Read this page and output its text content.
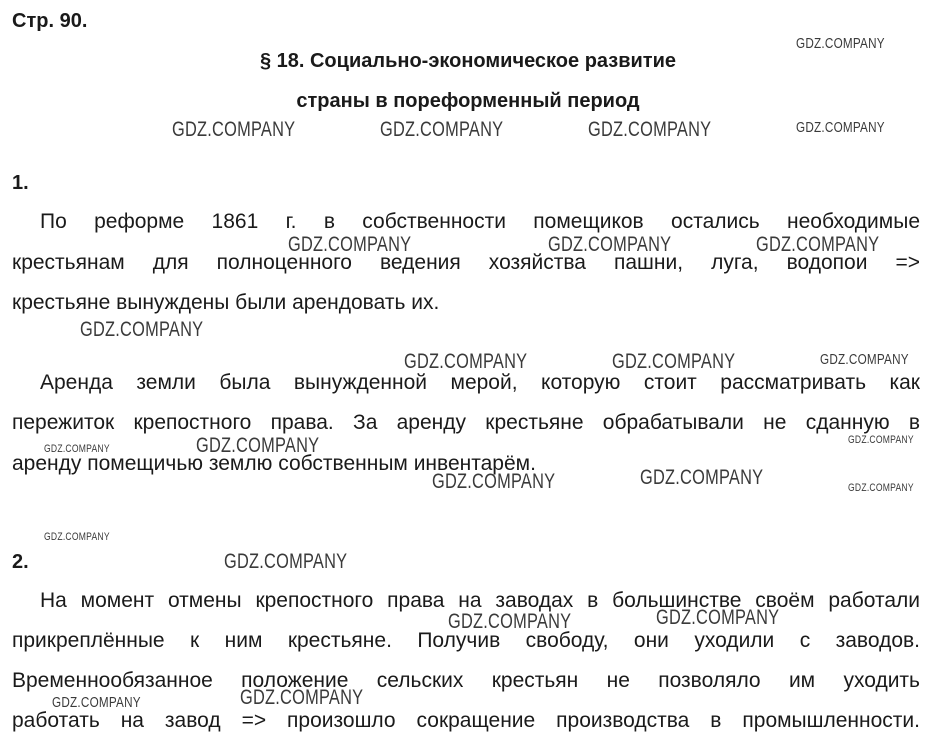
Стр. 90.
§ 18. Социально-экономическое развитие
страны в пореформенный период
1.
По реформе 1861 г. в собственности помещиков остались необходимые
крестьянам для полноценного ведения хозяйства пашни, луга, водопои =>
крестьяне вынуждены были арендовать их.
Аренда земли была вынужденной мерой, которую стоит рассматривать как
пережиток крепостного права. За аренду крестьяне обрабатывали не сданную в
аренду помещичью землю собственным инвентарём.
2.
На момент отмены крепостного права на заводах в большинстве своём работали
прикреплённые к ним крестьяне. Получив свободу, они уходили с заводов.
Временнообязанное положение сельских крестьян не позволяло им уходить
работать на завод => произошло сокращение производства в промышленности.
GDZ.COMPANY
GDZ.COMPANY	GDZ.COMPANY	GDZ.COMPANY	GDZ.COMPANY
GDZ.COMPANY	GDZ.COMPANY	GDZ.COMPANY
GDZ.COMPANY
GDZ.COMPANY	GDZ.COMPANY	GDZ.COMPANY
GDZ.COMPANY
GDZ.COMPANY	GDZ.COMPANY
GDZ.COMPANY
GDZ.COMPANY	GDZ.COMPANY
GDZ.COMPANY
GDZ.COMPANY
GDZ.COMPANY
GDZ.COMPANY
GDZ.COMPANY
GDZ.COMPANY
